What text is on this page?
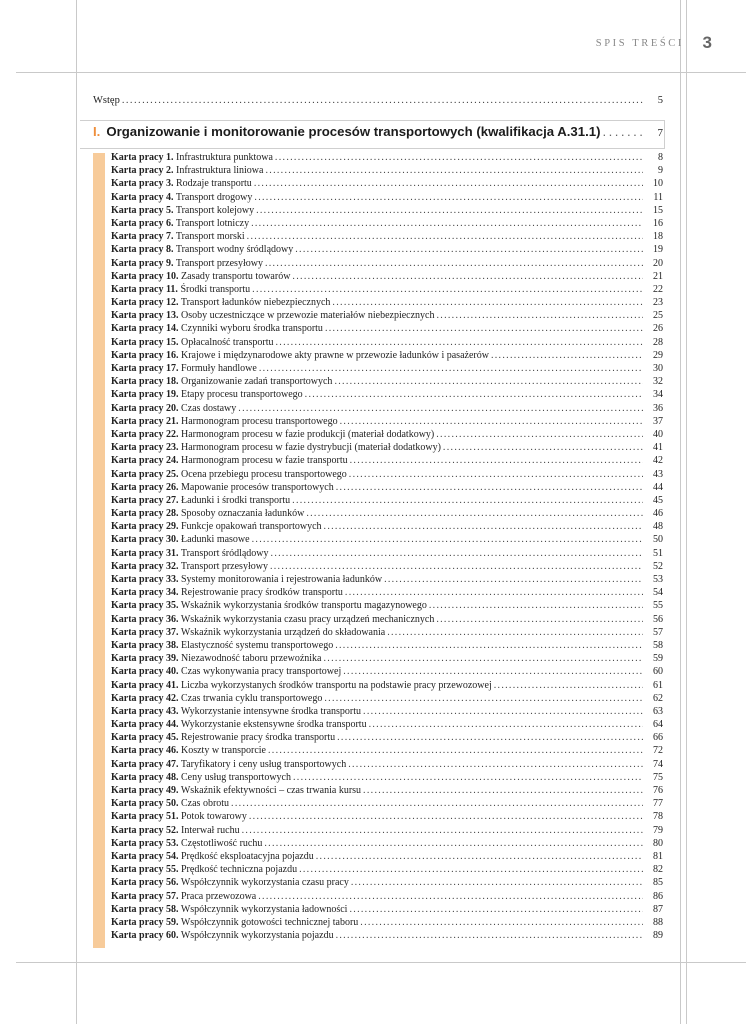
SPIS TREŚCI 3
Wstęp . . .	5
I. Organizowanie i monitorowanie procesów transportowych (kwalifikacja A.31.1) . . .	7
Karta pracy 1. Infrastruktura punktowa . . .	8
Karta pracy 2. Infrastruktura liniowa . . .	9
Karta pracy 3. Rodzaje transportu . . .	10
Karta pracy 4. Transport drogowy . . .	11
Karta pracy 5. Transport kolejowy . . .	15
Karta pracy 6. Transport lotniczy . . .	16
Karta pracy 7. Transport morski . . .	18
Karta pracy 8. Transport wodny śródlądowy . . .	19
Karta pracy 9. Transport przesyłowy . . .	20
Karta pracy 10. Zasady transportu towarów . . .	21
Karta pracy 11. Środki transportu . . .	22
Karta pracy 12. Transport ładunków niebezpiecznych . . .	23
Karta pracy 13. Osoby uczestniczące w przewozie materiałów niebezpiecznych . . .	25
Karta pracy 14. Czynniki wyboru środka transportu . . .	26
Karta pracy 15. Opłacalność transportu . . .	28
Karta pracy 16. Krajowe i międzynarodowe akty prawne w przewozie ładunków i pasażerów . . .	29
Karta pracy 17. Formuły handlowe . . .	30
Karta pracy 18. Organizowanie zadań transportowych . . .	32
Karta pracy 19. Etapy procesu transportowego . . .	34
Karta pracy 20. Czas dostawy . . .	36
Karta pracy 21. Harmonogram procesu transportowego . . .	37
Karta pracy 22. Harmonogram procesu w fazie produkcji (materiał dodatkowy) . . .	40
Karta pracy 23. Harmonogram procesu w fazie dystrybucji (materiał dodatkowy) . . .	41
Karta pracy 24. Harmonogram procesu w fazie transportu . . .	42
Karta pracy 25. Ocena przebiegu procesu transportowego . . .	43
Karta pracy 26. Mapowanie procesów transportowych . . .	44
Karta pracy 27. Ładunki i środki transportu . . .	45
Karta pracy 28. Sposoby oznaczania ładunków . . .	46
Karta pracy 29. Funkcje opakowań transportowych . . .	48
Karta pracy 30. Ładunki masowe . . .	50
Karta pracy 31. Transport śródlądowy . . .	51
Karta pracy 32. Transport przesyłowy . . .	52
Karta pracy 33. Systemy monitorowania i rejestrowania ładunków . . .	53
Karta pracy 34. Rejestrowanie pracy środków transportu . . .	54
Karta pracy 35. Wskaźnik wykorzystania środków transportu magazynowego . . .	55
Karta pracy 36. Wskaźnik wykorzystania czasu pracy urządzeń mechanicznych . . .	56
Karta pracy 37. Wskaźnik wykorzystania urządzeń do składowania . . .	57
Karta pracy 38. Elastyczność systemu transportowego . . .	58
Karta pracy 39. Niezawodność taboru przewoźnika . . .	59
Karta pracy 40. Czas wykonywania pracy transportowej . . .	60
Karta pracy 41. Liczba wykorzystanych środków transportu na podstawie pracy przewozowej . . .	61
Karta pracy 42. Czas trwania cyklu transportowego . . .	62
Karta pracy 43. Wykorzystanie intensywne środka transportu . . .	63
Karta pracy 44. Wykorzystanie ekstensywne środka transportu . . .	64
Karta pracy 45. Rejestrowanie pracy środka transportu . . .	66
Karta pracy 46. Koszty w transporcie . . .	72
Karta pracy 47. Taryfikatory i ceny usług transportowych . . .	74
Karta pracy 48. Ceny usług transportowych . . .	75
Karta pracy 49. Wskaźnik efektywności – czas trwania kursu . . .	76
Karta pracy 50. Czas obrotu . . .	77
Karta pracy 51. Potok towarowy . . .	78
Karta pracy 52. Interwał ruchu . . .	79
Karta pracy 53. Częstotliwość ruchu . . .	80
Karta pracy 54. Prędkość eksploatacyjna pojazdu . . .	81
Karta pracy 55. Prędkość techniczna pojazdu . . .	82
Karta pracy 56. Współczynnik wykorzystania czasu pracy . . .	85
Karta pracy 57. Praca przewozowa . . .	86
Karta pracy 58. Współczynnik wykorzystania ładowności . . .	87
Karta pracy 59. Współczynnik gotowości technicznej taboru . . .	88
Karta pracy 60. Współczynnik wykorzystania pojazdu . . .	89
